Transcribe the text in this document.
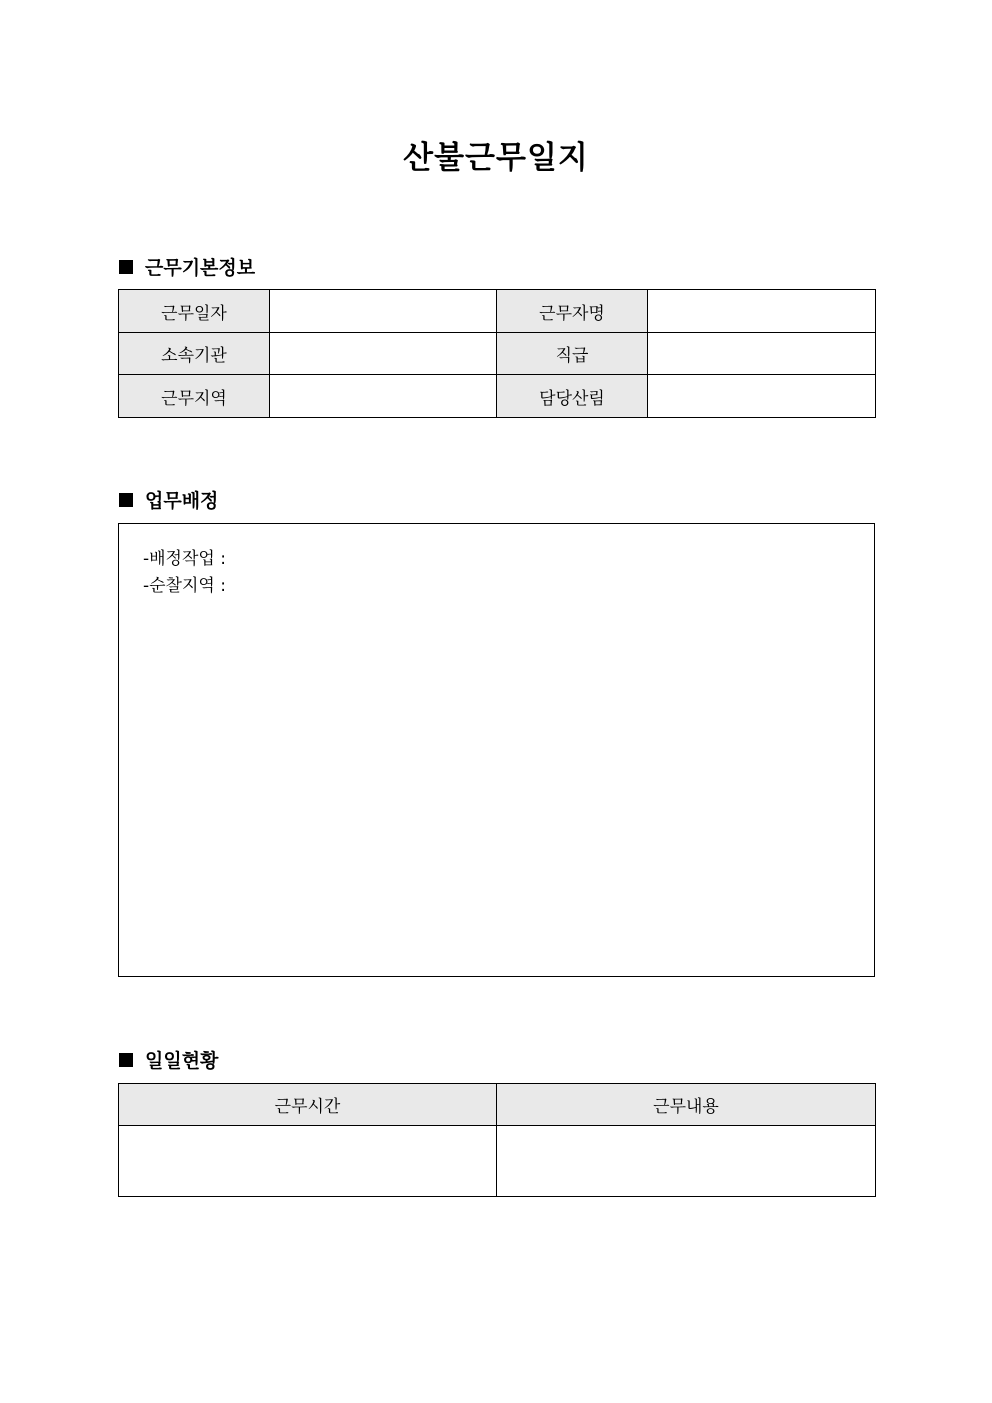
산불근무일지
근무기본정보
근무일자		근무자명	
소속기관		직급	
근무지역		담당산림	
업무배정
-배정작업 :
-순찰지역 :
일일현황
근무시간	근무내용
